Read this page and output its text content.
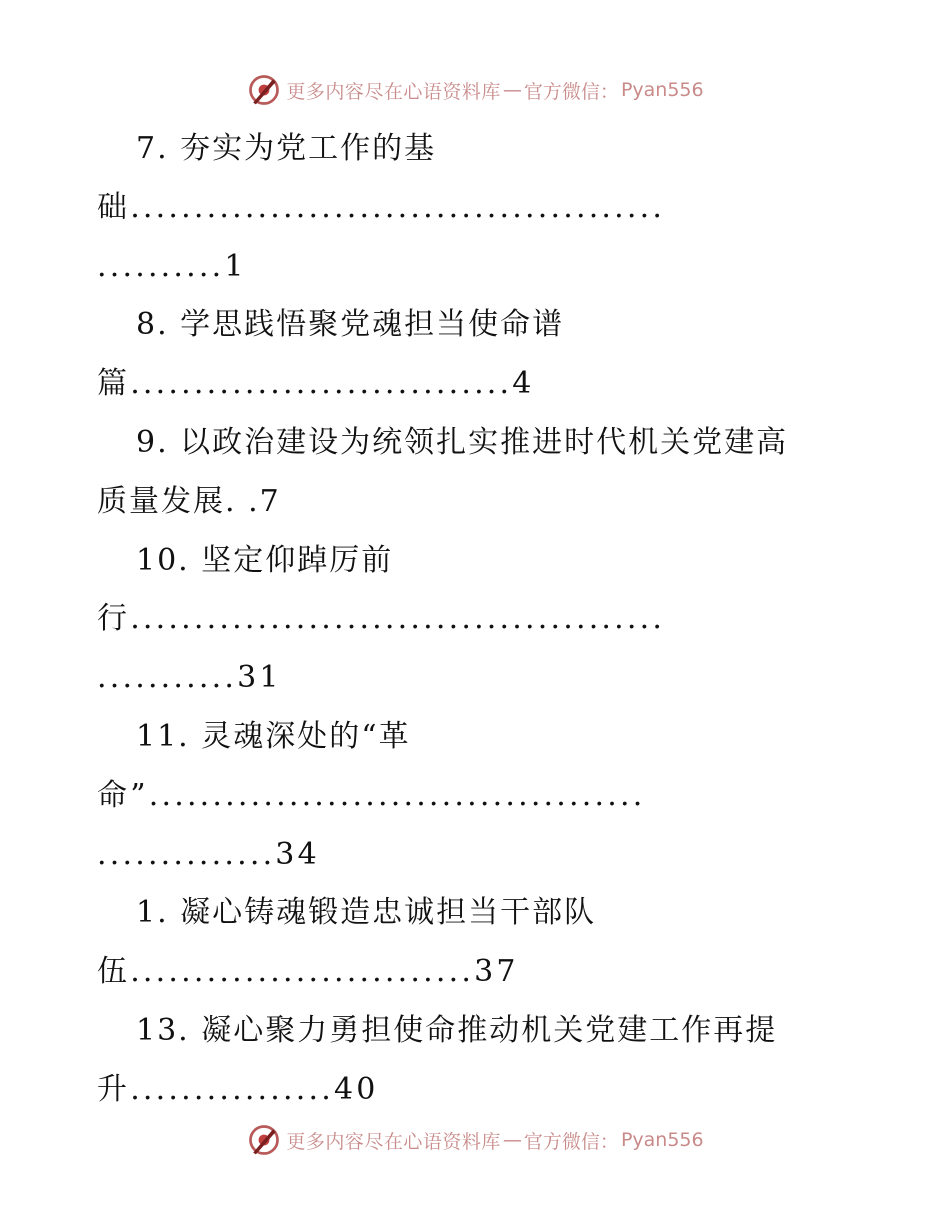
更多内容尽在心语资料库 — 官方微信： Pyan556
7. 夯实为党工作的基
础..........................................
..........1
8. 学思践悟聚党魂担当使命谱
篇..............................4
9. 以政治建设为统领扎实推进时代机关党建高
质量发展. .7
10. 坚定仰踔厉前
行..........................................
...........31
11. 灵魂深处的“革
命”.......................................
..............34
1. 凝心铸魂锻造忠诚担当干部队
伍...........................37
13. 凝心聚力勇担使命推动机关党建工作再提
升................40
更多内容尽在心语资料库 — 官方微信： Pyan556
